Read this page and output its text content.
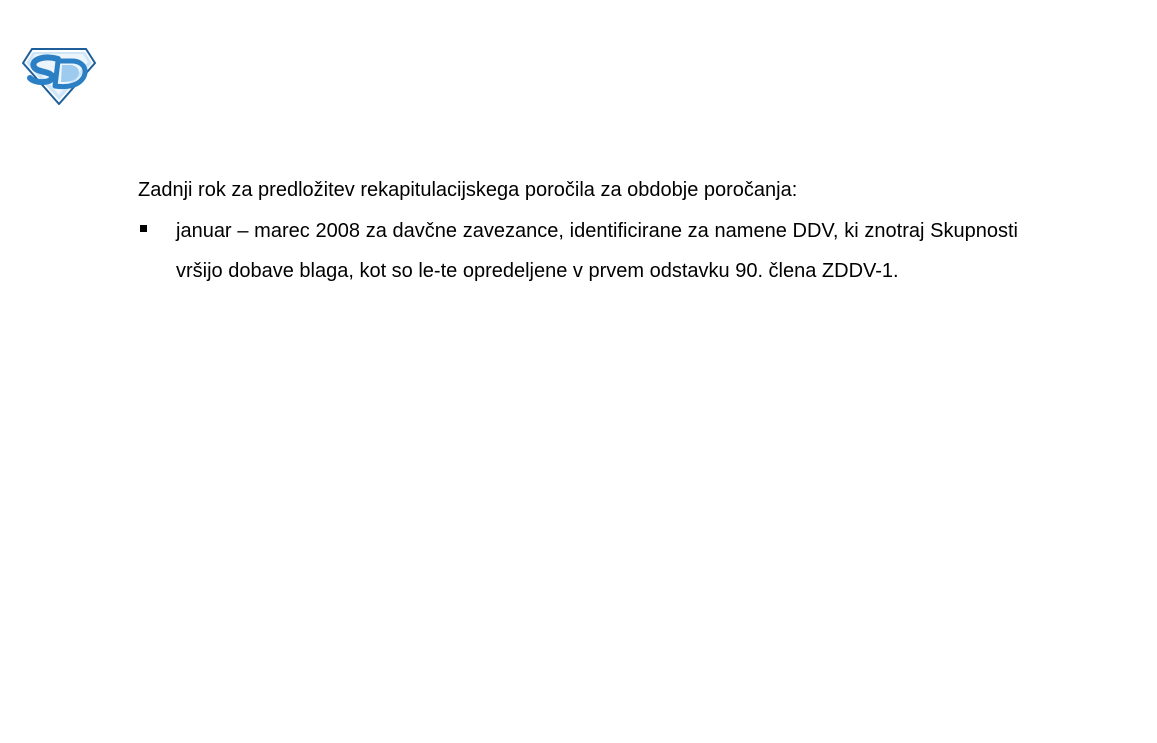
Zadnji rok za predložitev rekapitulacijskega poročila za obdobje poročanja:

januar – marec 2008 za davčne zavezance, identificirane za namene DDV, ki znotraj Skupnosti vršijo dobave blaga, kot so le-te opredeljene v prvem odstavku 90. člena ZDDV-1.
